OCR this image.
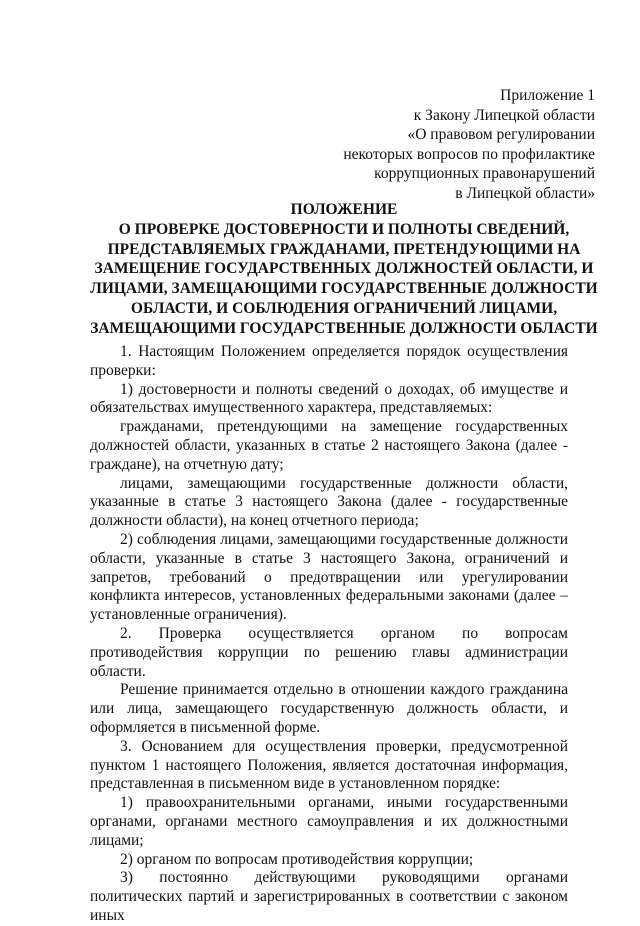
Приложение 1
к Закону Липецкой области
«О правовом регулировании
некоторых вопросов по профилактике
коррупционных правонарушений
в Липецкой области»
ПОЛОЖЕНИЕ
О ПРОВЕРКЕ ДОСТОВЕРНОСТИ И ПОЛНОТЫ СВЕДЕНИЙ,
ПРЕДСТАВЛЯЕМЫХ ГРАЖДАНАМИ, ПРЕТЕНДУЮЩИМИ НА
ЗАМЕЩЕНИЕ ГОСУДАРСТВЕННЫХ ДОЛЖНОСТЕЙ ОБЛАСТИ, И
ЛИЦАМИ, ЗАМЕЩАЮЩИМИ ГОСУДАРСТВЕННЫЕ ДОЛЖНОСТИ
ОБЛАСТИ, И СОБЛЮДЕНИЯ ОГРАНИЧЕНИЙ ЛИЦАМИ,
ЗАМЕЩАЮЩИМИ ГОСУДАРСТВЕННЫЕ ДОЛЖНОСТИ ОБЛАСТИ

1. Настоящим Положением определяется порядок осуществления проверки:

1) достоверности и полноты сведений о доходах, об имуществе и обязательствах имущественного характера, представляемых:

гражданами, претендующими на замещение государственных должностей области, указанных в статье 2 настоящего Закона (далее - граждане), на отчетную дату;

лицами, замещающими государственные должности области, указанные в статье 3 настоящего Закона (далее - государственные должности области), на конец отчетного периода;

2) соблюдения лицами, замещающими государственные должности области, указанные в статье 3 настоящего Закона, ограничений и запретов, требований о предотвращении или урегулировании конфликта интересов, установленных федеральными законами (далее – установленные ограничения).

2. Проверка осуществляется органом по вопросам противодействия коррупции по решению главы администрации области.

Решение принимается отдельно в отношении каждого гражданина или лица, замещающего государственную должность области, и оформляется в письменной форме.

3. Основанием для осуществления проверки, предусмотренной пунктом 1 настоящего Положения, является достаточная информация, представленная в письменном виде в установленном порядке:

1) правоохранительными органами, иными государственными органами, органами местного самоуправления и их должностными лицами;

2) органом по вопросам противодействия коррупции;

3) постоянно действующими руководящими органами политических партий и зарегистрированных в соответствии с законом иных
